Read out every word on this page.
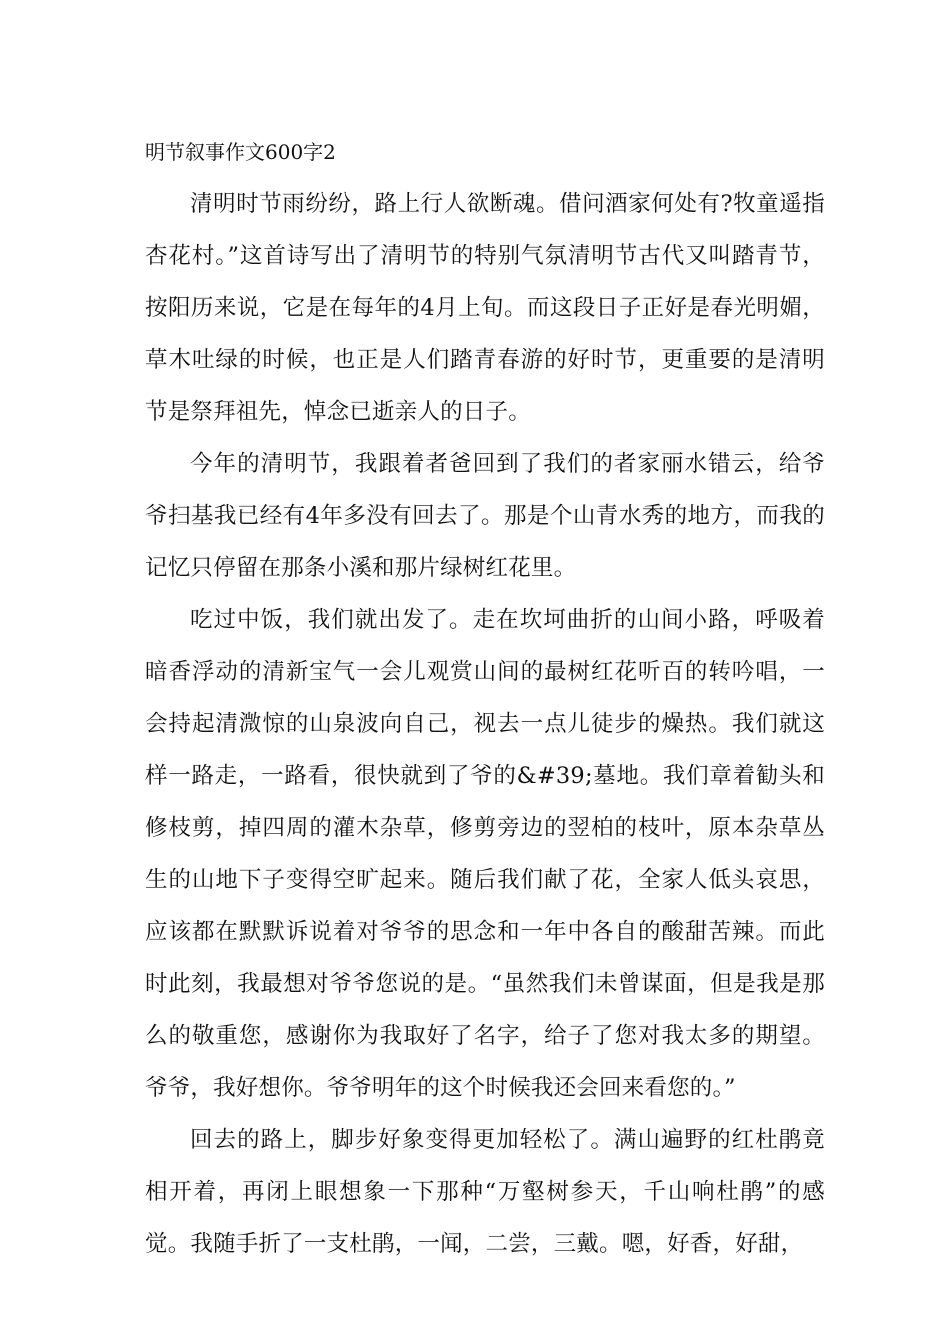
明节叙事作文600字2

清明时节雨纷纷，路上行人欲断魂。借问酒家何处有?牧童遥指杏花村。”这首诗写出了清明节的特别气氛清明节古代又叫踏青节，按阳历来说，它是在每年的4月上旬。而这段日子正好是春光明媚，草木吐绿的时候，也正是人们踏青春游的好时节，更重要的是清明节是祭拜祖先，悼念已逝亲人的日子。

今年的清明节，我跟着者爸回到了我们的者家丽水错云，给爷爷扫基我已经有4年多没有回去了。那是个山青水秀的地方，而我的记忆只停留在那条小溪和那片绿树红花里。

吃过中饭，我们就出发了。走在坎坷曲折的山间小路，呼吸着暗香浮动的清新宝气一会儿观赏山间的最树红花听百的转吟唱，一会持起清溦惊的山泉波向自己，视去一点儿徒步的燥热。我们就这样一路走，一路看，很快就到了爷的&#39;墓地。我们章着勧头和修枝剪，掉四周的灌木杂草，修剪旁边的翌柏的枝叶，原本杂草丛生的山地下子变得空旷起来。随后我们献了花，全家人低头哀思，应该都在默默诉说着对爷爷的思念和一年中各自的酸甜苦辣。而此时此刻，我最想对爷爷您说的是。“虽然我们未曾谋面，但是我是那么的敬重您，感谢你为我取好了名字，给子了您对我太多的期望。爷爷，我好想你。爷爷明年的这个时候我还会回来看您的。”

回去的路上，脚步好象变得更加轻松了。满山遍野的红杜鹃竟相开着，再闭上眼想象一下那种“万壑树参天，千山响杜鹃”的感觉。我随手折了一支杜鹃，一闻，二尝，三戴。嗯，好香，好甜，
